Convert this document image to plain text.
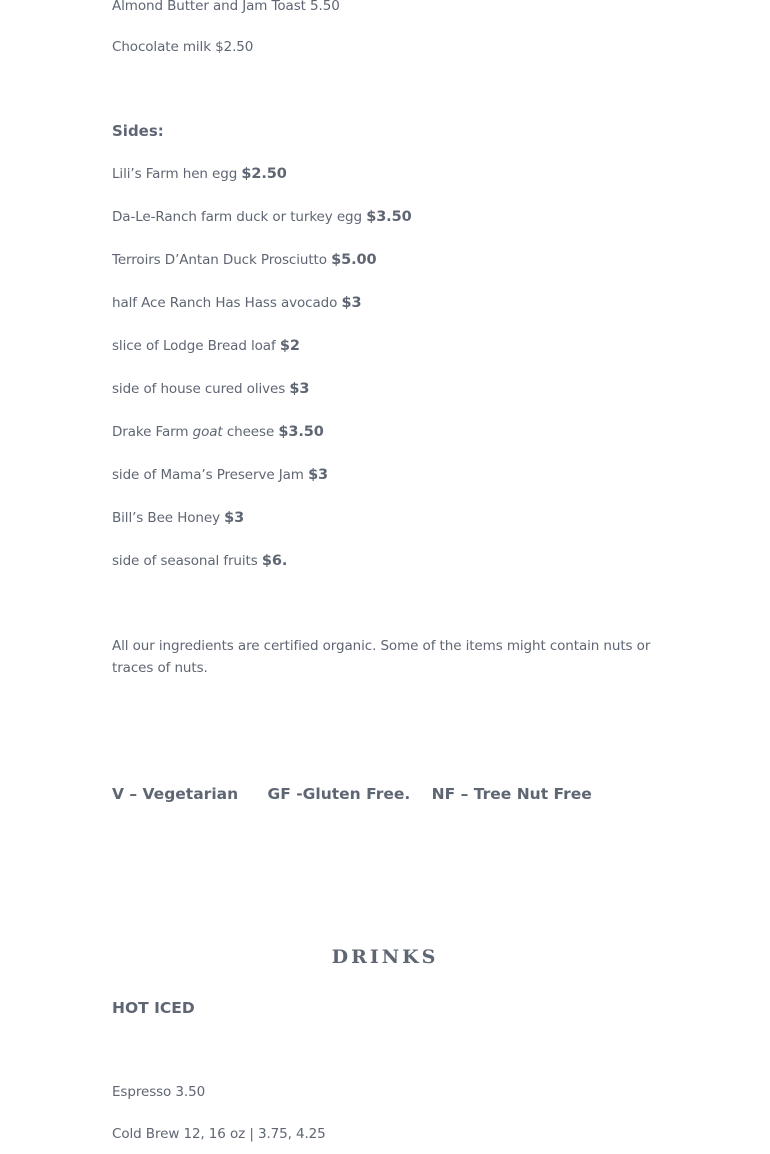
Almond Butter and Jam Toast 5.50
Chocolate milk $2.50
Sides:
Lili’s Farm hen egg $2.50
Da-Le-Ranch farm duck or turkey egg $3.50
Terroirs D’Antan Duck Prosciutto $5.00
half Ace Ranch Has Hass avocado $3
slice of Lodge Bread loaf $2
side of house cured olives $3
Drake Farm goat cheese $3.50
side of Mama’s Preserve Jam $3
Bill’s Bee Honey $3
side of seasonal fruits $6.
All our ingredients are certified organic. Some of the items might contain nuts or traces of nuts.
V – Vegetarian GF -Gluten Free. NF – Tree Nut Free
DRINKS
HOT ICED
Espresso 3.50
Cold Brew 12, 16 oz | 3.75, 4.25
